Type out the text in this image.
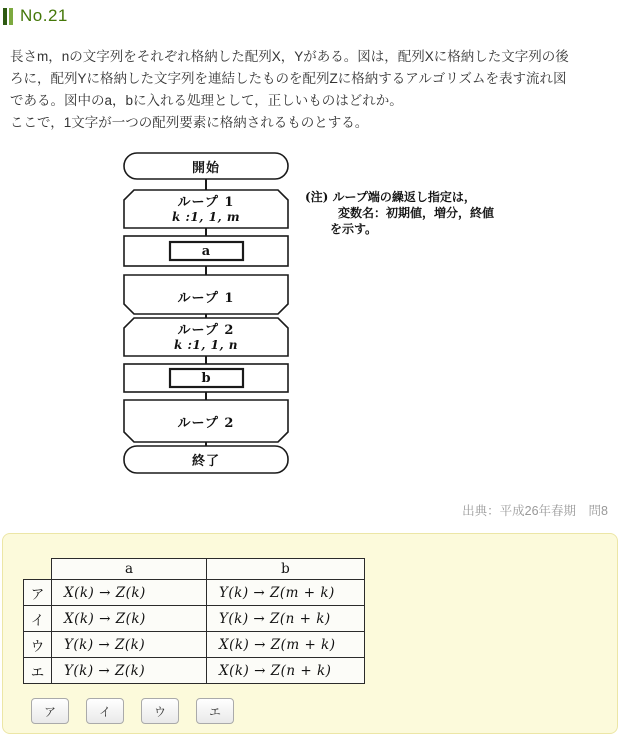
No.21
長さm，nの文字列をそれぞれ格納した配列X，Yがある。図は，配列Xに格納した文字列の後
ろに，配列Yに格納した文字列を連結したものを配列Zに格納するアルゴリズムを表す流れ図
である。図中のa，bに入れる処理として，正しいものはどれか。
ここで，1文字が一つの配列要素に格納されるものとする。
開始
ループ 1
k :1, 1, m
a
ループ 1
ループ 2
k :1, 1, n
b
ループ 2
終了
(注) ループ端の繰返し指定は，
変数名：初期値，増分，終値
を示す。
出典：平成26年春期　問8
	a	b
ア	X(k) → Z(k)	Y(k) → Z(m + k)
イ	X(k) → Z(k)	Y(k) → Z(n + k)
ウ	Y(k) → Z(k)	X(k) → Z(m + k)
エ	Y(k) → Z(k)	X(k) → Z(n + k)
ア	イ	ウ	エ
